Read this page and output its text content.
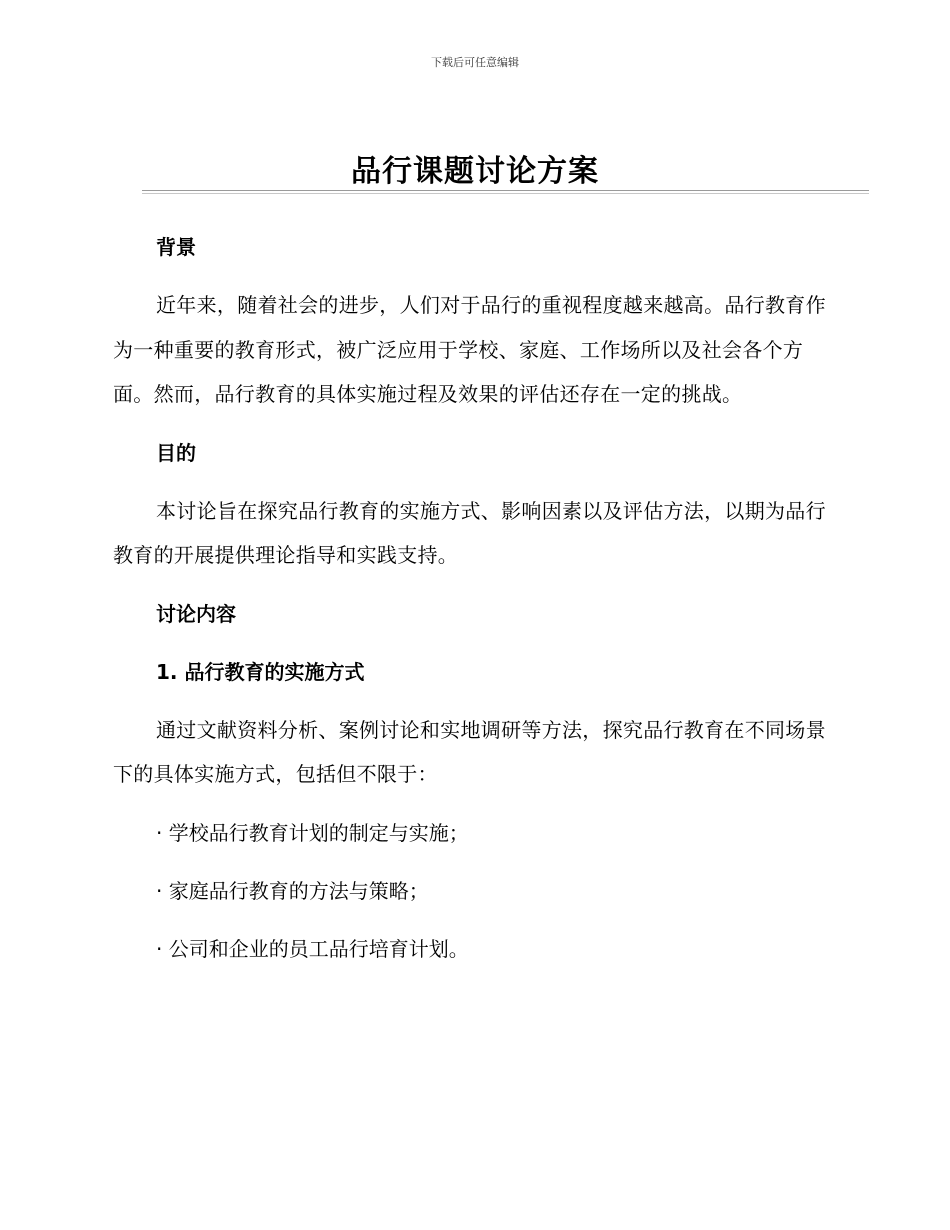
下载后可任意编辑
品行课题讨论方案

背景

近年来，随着社会的进步，人们对于品行的重视程度越来越高。品行教育作为一种重要的教育形式，被广泛应用于学校、家庭、工作场所以及社会各个方面。然而，品行教育的具体实施过程及效果的评估还存在一定的挑战。

目的

本讨论旨在探究品行教育的实施方式、影响因素以及评估方法，以期为品行教育的开展提供理论指导和实践支持。

讨论内容

1. 品行教育的实施方式

通过文献资料分析、案例讨论和实地调研等方法，探究品行教育在不同场景下的具体实施方式，包括但不限于：

· 学校品行教育计划的制定与实施；

· 家庭品行教育的方法与策略；

· 公司和企业的员工品行培育计划。
